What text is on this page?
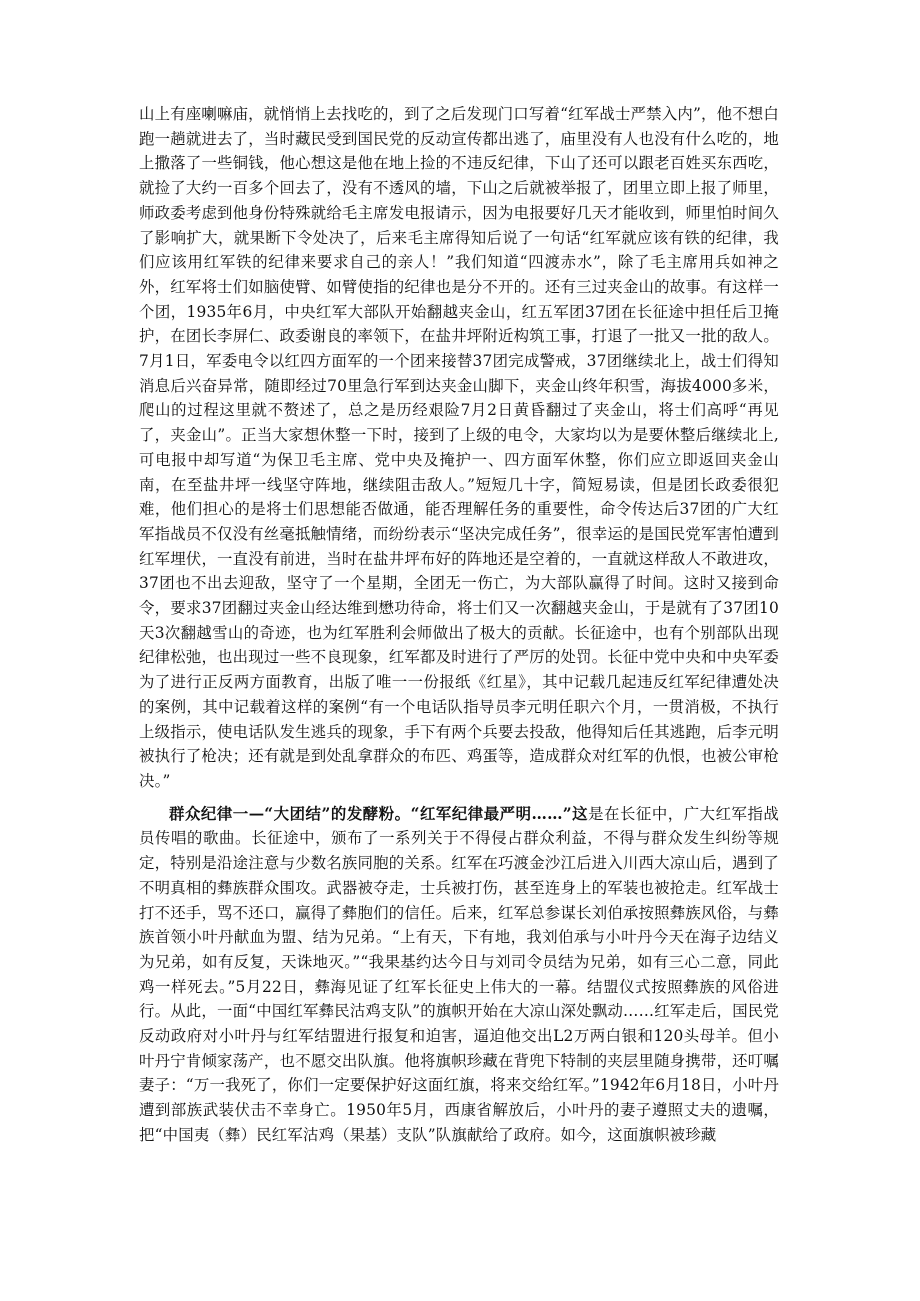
山上有座喇嘛庙，就悄悄上去找吃的，到了之后发现门口写着“红军战士严禁入内”，他不想白跑一趟就进去了，当时藏民受到国民党的反动宣传都出逃了，庙里没有人也没有什么吃的，地上撒落了一些铜钱，他心想这是他在地上捡的不违反纪律，下山了还可以跟老百姓买东西吃，就捡了大约一百多个回去了，没有不透风的墙，下山之后就被举报了，团里立即上报了师里，师政委考虑到他身份特殊就给毛主席发电报请示，因为电报要好几天才能收到，师里怕时间久了影响扩大，就果断下令处决了，后来毛主席得知后说了一句话“红军就应该有铁的纪律，我们应该用红军铁的纪律来要求自己的亲人！”我们知道“四渡赤水”，除了毛主席用兵如神之外，红军将士们如脑使臂、如臂使指的纪律也是分不开的。还有三过夹金山的故事。有这样一个团，1935年6月，中央红军大部队开始翻越夹金山，红五军团37团在长征途中担任后卫掩护，在团长李屏仁、政委谢良的率领下，在盐井坪附近构筑工事，打退了一批又一批的敌人。7月1日，军委电令以红四方面军的一个团来接替37团完成警戒，37团继续北上，战士们得知消息后兴奋异常，随即经过70里急行军到达夹金山脚下，夹金山终年积雪，海拔4000多米，爬山的过程这里就不赘述了，总之是历经艰险7月2日黄昏翻过了夹金山，将士们高呼“再见了，夹金山”。正当大家想休整一下时，接到了上级的电令，大家均以为是要休整后继续北上,可电报中却写道“为保卫毛主席、党中央及掩护一、四方面军休整，你们应立即返回夹金山南，在至盐井坪一线坚守阵地，继续阻击敌人。”短短几十字，简短易读，但是团长政委很犯难，他们担心的是将士们思想能否做通，能否理解任务的重要性，命令传达后37团的广大红军指战员不仅没有丝毫抵触情绪，而纷纷表示“坚决完成任务”，很幸运的是国民党军害怕遭到红军埋伏，一直没有前进，当时在盐井坪布好的阵地还是空着的，一直就这样敌人不敢进攻，37团也不出去迎敌，坚守了一个星期，全团无一伤亡，为大部队赢得了时间。这时又接到命令，要求37团翻过夹金山经达维到懋功待命，将士们又一次翻越夹金山，于是就有了37团10天3次翻越雪山的奇迹，也为红军胜利会师做出了极大的贡献。长征途中，也有个别部队出现纪律松弛，也出现过一些不良现象，红军都及时进行了严厉的处罚。长征中党中央和中央军委为了进行正反两方面教育，出版了唯一一份报纸《红星》，其中记载几起违反红军纪律遭处决的案例，其中记载着这样的案例“有一个电话队指导员李元明任职六个月，一贯消极，不执行上级指示，使电话队发生逃兵的现象，手下有两个兵要去投敌，他得知后任其逃跑，后李元明被执行了枪决；还有就是到处乱拿群众的布匹、鸡蛋等，造成群众对红军的仇恨，也被公审枪决。”

群众纪律一—“大团结”的发酵粉。“红军纪律最严明……”这是在长征中，广大红军指战员传唱的歌曲。长征途中，颁布了一系列关于不得侵占群众利益，不得与群众发生纠纷等规定，特别是沿途注意与少数名族同胞的关系。红军在巧渡金沙江后进入川西大凉山后，遇到了不明真相的彝族群众围攻。武器被夺走，士兵被打伤，甚至连身上的军装也被抢走。红军战士打不还手，骂不还口，赢得了彝胞们的信任。后来，红军总参谋长刘伯承按照彝族风俗，与彝族首领小叶丹献血为盟、结为兄弟。“上有天，下有地，我刘伯承与小叶丹今天在海子边结义为兄弟，如有反复，天诛地灭。”“我果基约达今日与刘司令员结为兄弟，如有三心二意，同此鸡一样死去。”5月22日，彝海见证了红军长征史上伟大的一幕。结盟仪式按照彝族的风俗进行。从此，一面“中国红军彝民沽鸡支队”的旗帜开始在大凉山深处飘动……红军走后，国民党反动政府对小叶丹与红军结盟进行报复和迫害，逼迫他交出L2万两白银和120头母羊。但小叶丹宁肯倾家荡产，也不愿交出队旗。他将旗帜珍藏在背兜下特制的夹层里随身携带，还叮嘱妻子：“万一我死了，你们一定要保护好这面红旗，将来交给红军。”1942年6月18日，小叶丹遭到部族武装伏击不幸身亡。1950年5月，西康省解放后，小叶丹的妻子遵照丈夫的遗嘱，把“中国夷（彝）民红军沽鸡（果基）支队”队旗献给了政府。如今，这面旗帜被珍藏
